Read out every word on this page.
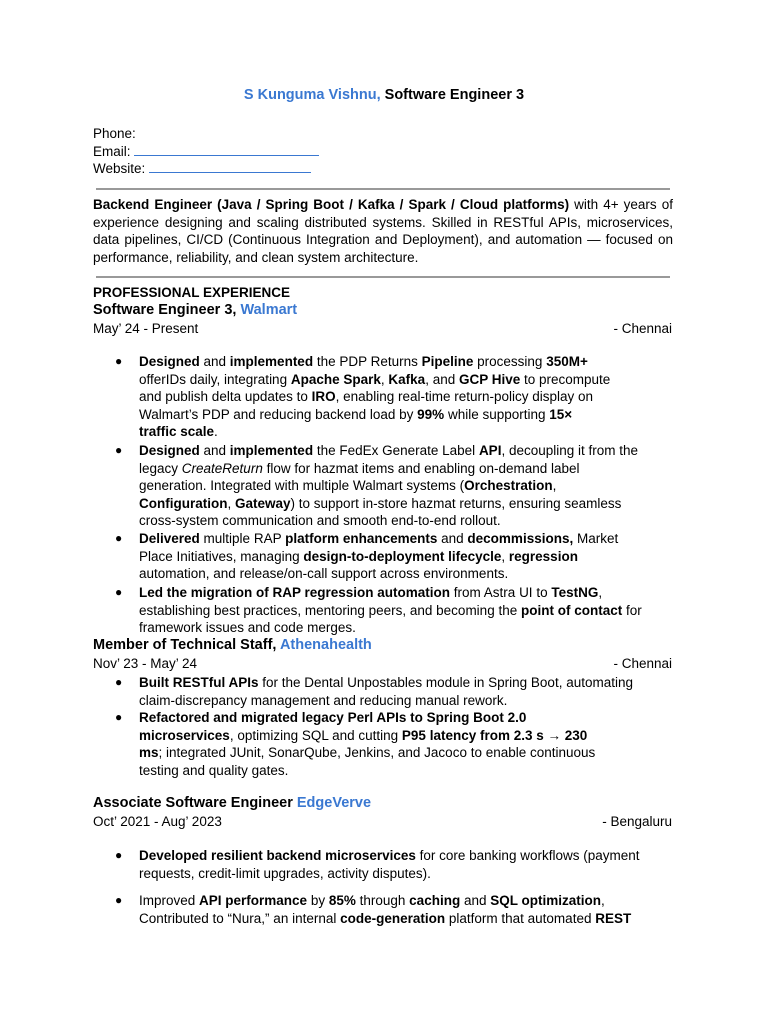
S Kunguma Vishnu, Software Engineer 3
Phone:
Email:
Website:
Backend Engineer (Java / Spring Boot / Kafka / Spark / Cloud platforms) with 4+ years of experience designing and scaling distributed systems. Skilled in RESTful APIs, microservices, data pipelines, CI/CD (Continuous Integration and Deployment), and automation — focused on performance, reliability, and clean system architecture.
PROFESSIONAL EXPERIENCE
Software Engineer 3, Walmart
May’ 24 - Present	- Chennai
● Designed and implemented the PDP Returns Pipeline processing 350M+
offerIDs daily, integrating Apache Spark, Kafka, and GCP Hive to precompute
and publish delta updates to IRO, enabling real-time return-policy display on
Walmart’s PDP and reducing backend load by 99% while supporting 15×
traffic scale.
● Designed and implemented the FedEx Generate Label API, decoupling it from the
legacy CreateReturn flow for hazmat items and enabling on-demand label
generation. Integrated with multiple Walmart systems (Orchestration,
Configuration, Gateway) to support in-store hazmat returns, ensuring seamless
cross-system communication and smooth end-to-end rollout.
● Delivered multiple RAP platform enhancements and decommissions, Market
Place Initiatives, managing design-to-deployment lifecycle, regression
automation, and release/on-call support across environments.
● Led the migration of RAP regression automation from Astra UI to TestNG,
establishing best practices, mentoring peers, and becoming the point of contact for
framework issues and code merges.
Member of Technical Staff, Athenahealth
Nov’ 23 - May’ 24	- Chennai
● Built RESTful APIs for the Dental Unpostables module in Spring Boot, automating
claim-discrepancy management and reducing manual rework.
● Refactored and migrated legacy Perl APIs to Spring Boot 2.0
microservices, optimizing SQL and cutting P95 latency from 2.3 s → 230
ms; integrated JUnit, SonarQube, Jenkins, and Jacoco to enable continuous
testing and quality gates.
Associate Software Engineer EdgeVerve
Oct’ 2021 - Aug’ 2023	- Bengaluru
● Developed resilient backend microservices for core banking workflows (payment
requests, credit-limit upgrades, activity disputes).
● Improved API performance by 85% through caching and SQL optimization,
Contributed to “Nura,” an internal code-generation platform that automated REST
